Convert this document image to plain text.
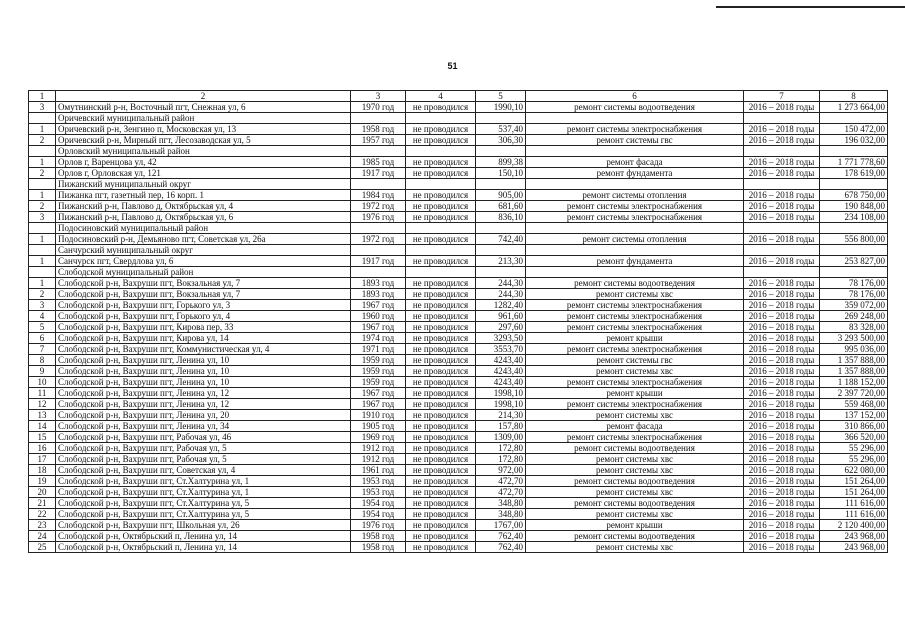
51
1	2	3	4	5	6	7	8
3	Омутнинский р-н, Восточный пгт, Снежная ул, 6	1970 год	не проводился	1990,10	ремонт системы водоотведения	2016 – 2018 годы	1 273 664,00
	Оричевский муниципальный район						
1	Оричевский р-н, Зенгино п, Московская ул, 13	1958 год	не проводился	537,40	ремонт системы электроснабжения	2016 – 2018 годы	150 472,00
2	Оричевский р-н, Мирный пгт, Лесозаводская ул, 5	1957 год	не проводился	306,30	ремонт системы гвс	2016 – 2018 годы	196 032,00
	Орловский муниципальный район						
1	Орлов г, Варенцова ул, 42	1985 год	не проводился	899,38	ремонт фасада	2016 – 2018 годы	1 771 778,60
2	Орлов г, Орловская ул, 121	1917 год	не проводился	150,10	ремонт фундамента	2016 – 2018 годы	178 619,00
	Пижанский муниципальный округ						
1	Пижанка пгт, газетный пер, 16 корп. 1	1984 год	не проводился	905,00	ремонт системы отопления	2016 – 2018 годы	678 750,00
2	Пижанский р-н, Павлово д, Октябрьская ул, 4	1972 год	не проводился	681,60	ремонт системы электроснабжения	2016 – 2018 годы	190 848,00
3	Пижанский р-н, Павлово д, Октябрьская ул, 6	1976 год	не проводился	836,10	ремонт системы электроснабжения	2016 – 2018 годы	234 108,00
	Подосиновский муниципальный район						
1	Подосиновский р-н, Демьяново пгт, Советская ул, 26а	1972 год	не проводился	742,40	ремонт системы отопления	2016 – 2018 годы	556 800,00
	Санчурский муниципальный округ						
1	Санчурск пгт, Свердлова ул, 6	1917 год	не проводился	213,30	ремонт фундамента	2016 – 2018 годы	253 827,00
	Слободской муниципальный район						
1	Слободской р-н, Вахруши пгт, Вокзальная ул, 7	1893 год	не проводился	244,30	ремонт системы водоотведения	2016 – 2018 годы	78 176,00
2	Слободской р-н, Вахруши пгт, Вокзальная ул, 7	1893 год	не проводился	244,30	ремонт системы хвс	2016 – 2018 годы	78 176,00
3	Слободской р-н, Вахруши пгт, Горького ул, 3	1967 год	не проводился	1282,40	ремонт системы электроснабжения	2016 – 2018 годы	359 072,00
4	Слободской р-н, Вахруши пгт, Горького ул, 4	1960 год	не проводился	961,60	ремонт системы электроснабжения	2016 – 2018 годы	269 248,00
5	Слободской р-н, Вахруши пгт, Кирова пер, 33	1967 год	не проводился	297,60	ремонт системы электроснабжения	2016 – 2018 годы	83 328,00
6	Слободской р-н, Вахруши пгт, Кирова ул, 14	1974 год	не проводился	3293,50	ремонт крыши	2016 – 2018 годы	3 293 500,00
7	Слободской р-н, Вахруши пгт, Коммунистическая ул, 4	1971 год	не проводился	3553,70	ремонт системы электроснабжения	2016 – 2018 годы	995 036,00
8	Слободской р-н, Вахруши пгт, Ленина ул, 10	1959 год	не проводился	4243,40	ремонт системы гвс	2016 – 2018 годы	1 357 888,00
9	Слободской р-н, Вахруши пгт, Ленина ул, 10	1959 год	не проводился	4243,40	ремонт системы хвс	2016 – 2018 годы	1 357 888,00
10	Слободской р-н, Вахруши пгт, Ленина ул, 10	1959 год	не проводился	4243,40	ремонт системы электроснабжения	2016 – 2018 годы	1 188 152,00
11	Слободской р-н, Вахруши пгт, Ленина ул, 12	1967 год	не проводился	1998,10	ремонт крыши	2016 – 2018 годы	2 397 720,00
12	Слободской р-н, Вахруши пгт, Ленина ул, 12	1967 год	не проводился	1998,10	ремонт системы электроснабжения	2016 – 2018 годы	559 468,00
13	Слободской р-н, Вахруши пгт, Ленина ул, 20	1910 год	не проводился	214,30	ремонт системы хвс	2016 – 2018 годы	137 152,00
14	Слободской р-н, Вахруши пгт, Ленина ул, 34	1905 год	не проводился	157,80	ремонт фасада	2016 – 2018 годы	310 866,00
15	Слободской р-н, Вахруши пгт, Рабочая ул, 46	1969 год	не проводился	1309,00	ремонт системы электроснабжения	2016 – 2018 годы	366 520,00
16	Слободской р-н, Вахруши пгт, Рабочая ул, 5	1912 год	не проводился	172,80	ремонт системы водоотведения	2016 – 2018 годы	55 296,00
17	Слободской р-н, Вахруши пгт, Рабочая ул, 5	1912 год	не проводился	172,80	ремонт системы хвс	2016 – 2018 годы	55 296,00
18	Слободской р-н, Вахруши пгт, Советская ул, 4	1961 год	не проводился	972,00	ремонт системы хвс	2016 – 2018 годы	622 080,00
19	Слободской р-н, Вахруши пгт, Ст.Халтурина ул, 1	1953 год	не проводился	472,70	ремонт системы водоотведения	2016 – 2018 годы	151 264,00
20	Слободской р-н, Вахруши пгт, Ст.Халтурина ул, 1	1953 год	не проводился	472,70	ремонт системы хвс	2016 – 2018 годы	151 264,00
21	Слободской р-н, Вахруши пгт, Ст.Халтурина ул, 5	1954 год	не проводился	348,80	ремонт системы водоотведения	2016 – 2018 годы	111 616,00
22	Слободской р-н, Вахруши пгт, Ст.Халтурина ул, 5	1954 год	не проводился	348,80	ремонт системы хвс	2016 – 2018 годы	111 616,00
23	Слободской р-н, Вахруши пгт, Школьная ул, 26	1976 год	не проводился	1767,00	ремонт крыши	2016 – 2018 годы	2 120 400,00
24	Слободской р-н, Октябрьский п, Ленина ул, 14	1958 год	не проводился	762,40	ремонт системы водоотведения	2016 – 2018 годы	243 968,00
25	Слободской р-н, Октябрьский п, Ленина ул, 14	1958 год	не проводился	762,40	ремонт системы хвс	2016 – 2018 годы	243 968,00
